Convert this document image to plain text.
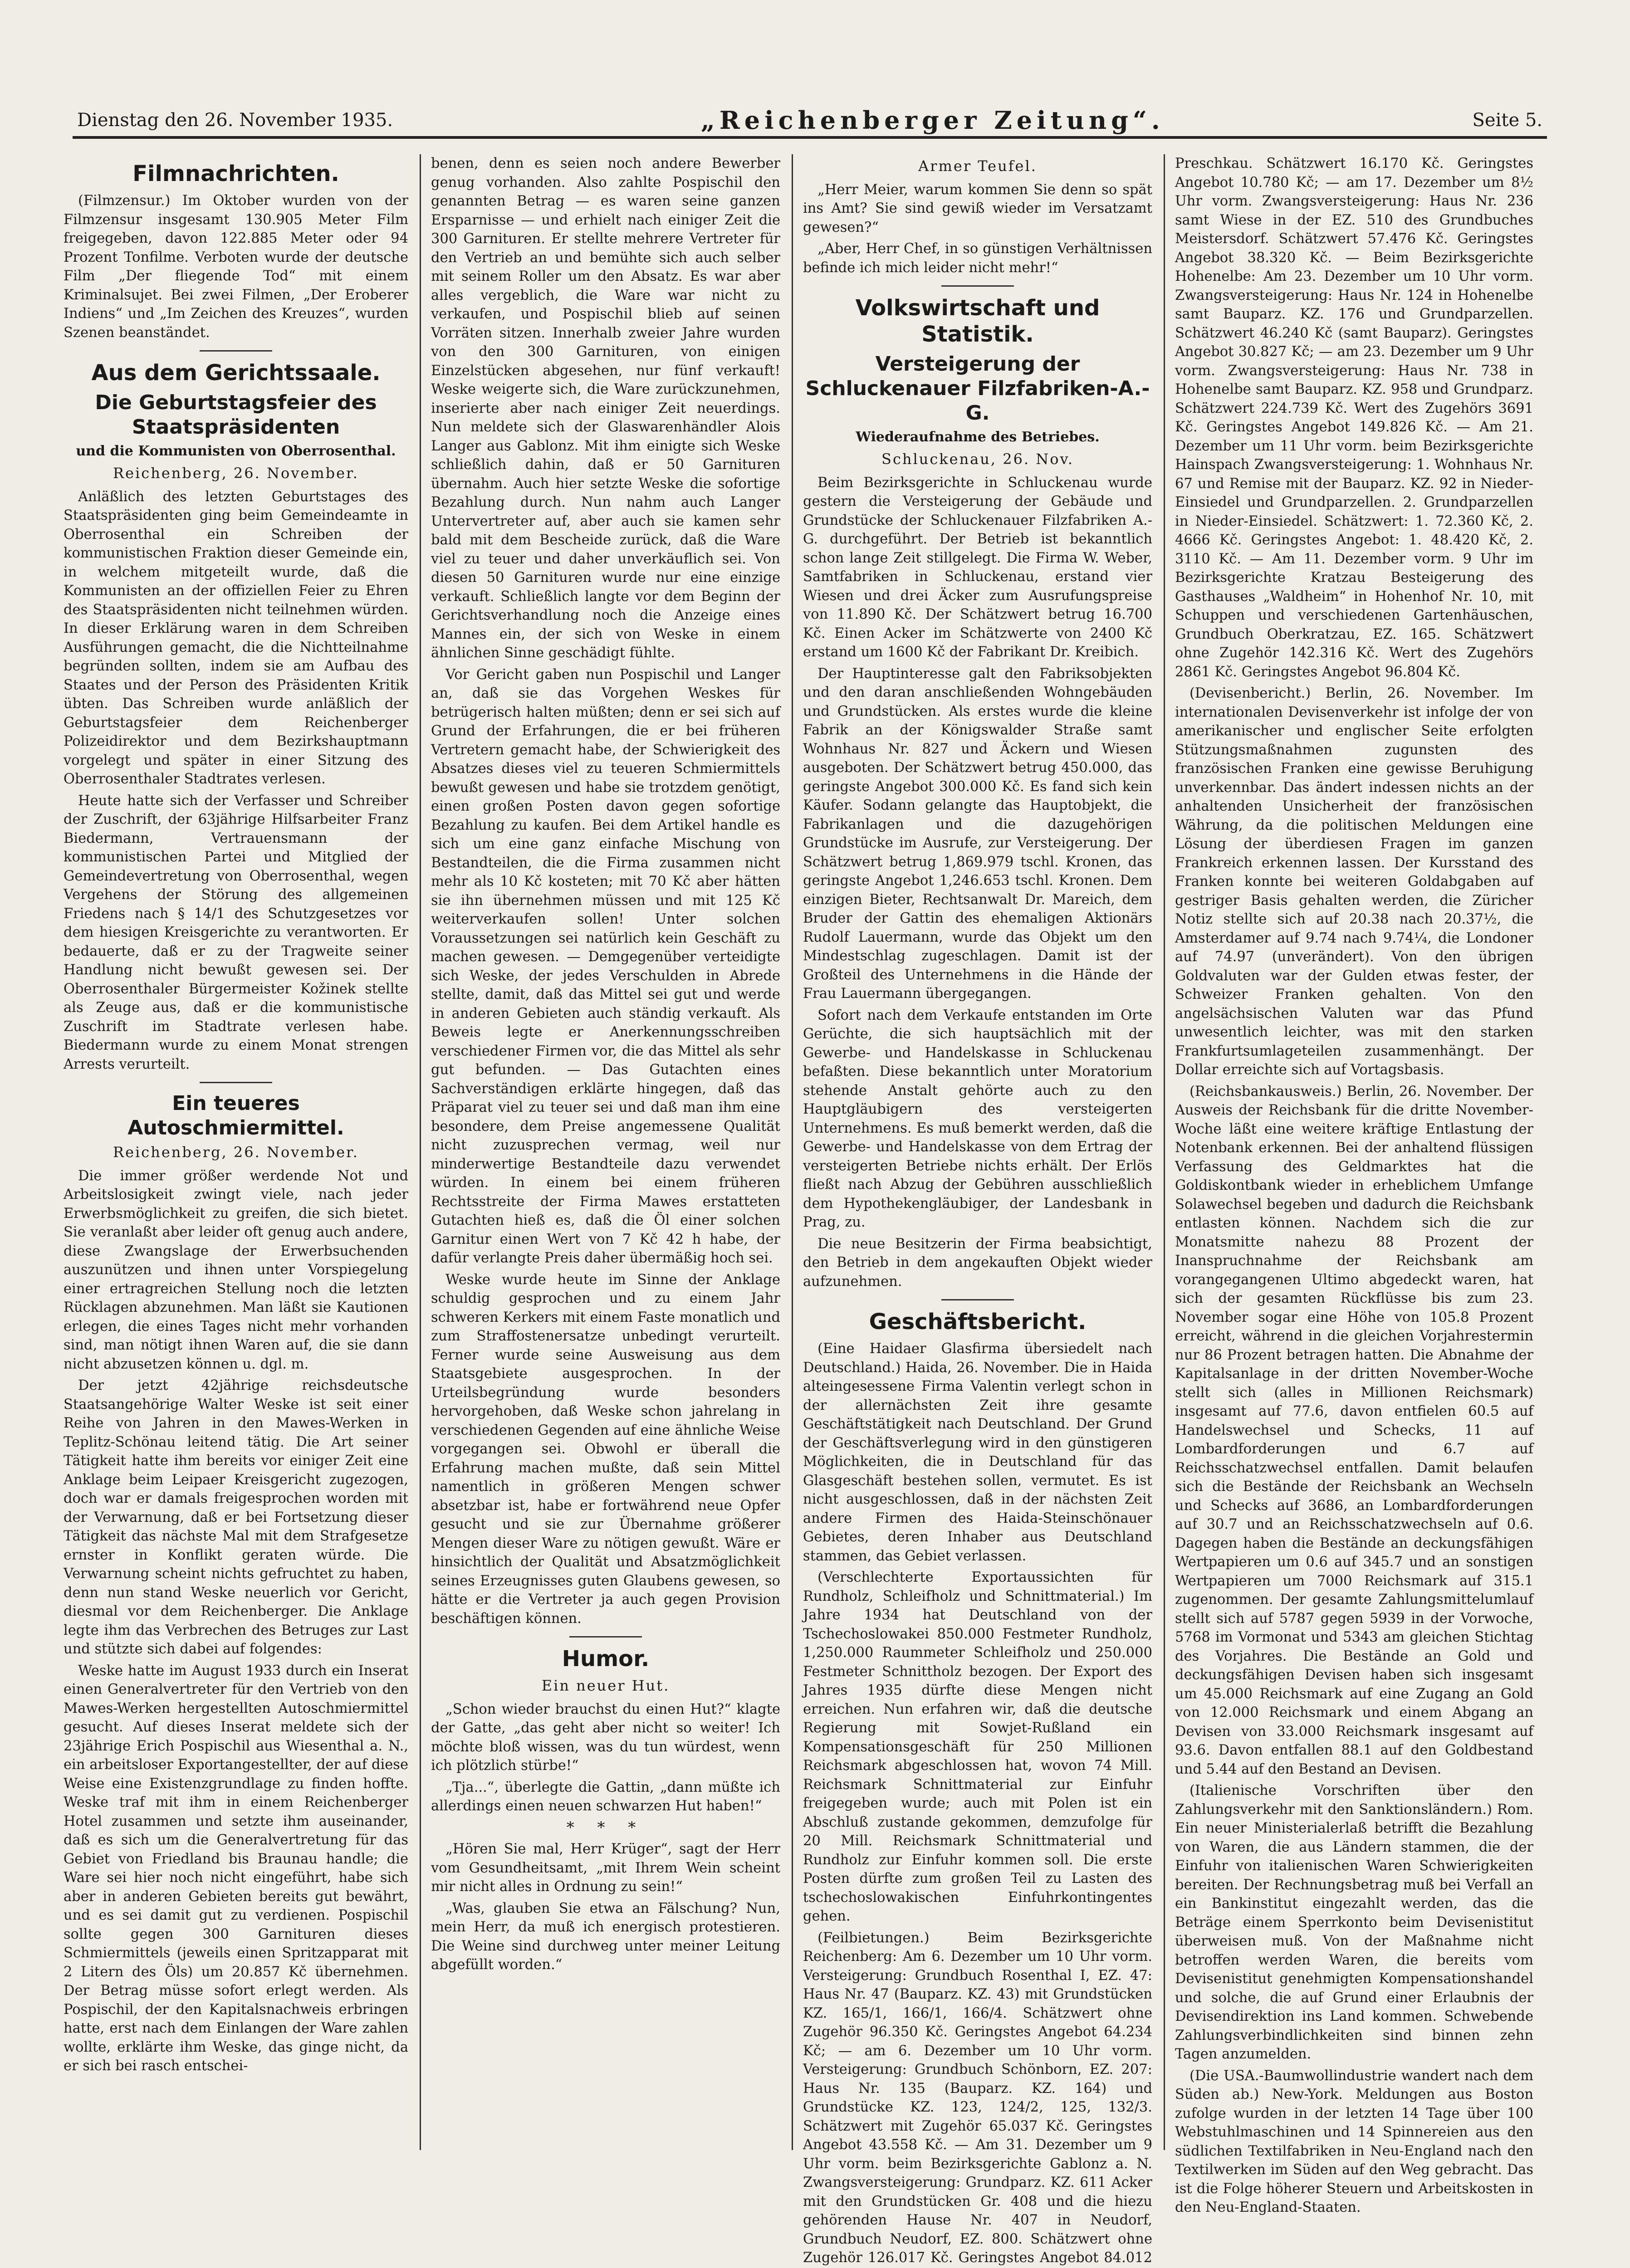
Dienstag den 26. November 1935.	„Reichenberger Zeitung“.	Seite 5.
Filmnachrichten.

(Filmzensur.) Im Oktober wurden von der Filmzensur insgesamt 130.905 Meter Film freigegeben, davon 122.885 Meter oder 94 Prozent Tonfilme. Verboten wurde der deutsche Film „Der fliegende Tod“ mit einem Kriminalsujet. Bei zwei Filmen, „Der Eroberer Indiens“ und „Im Zeichen des Kreuzes“, wurden Szenen beanständet.

Aus dem Gerichtssaale.
Die Geburtstagsfeier des Staatspräsidenten
und die Kommunisten von Oberrosenthal.
Reichenberg, 26. November.

Anläßlich des letzten Geburtstages des Staatspräsidenten ging beim Gemeindeamte in Oberrosenthal ein Schreiben der kommunistischen Fraktion dieser Gemeinde ein, in welchem mitgeteilt wurde, daß die Kommunisten an der offiziellen Feier zu Ehren des Staatspräsidenten nicht teilnehmen würden. In dieser Erklärung waren in dem Schreiben Ausführungen gemacht, die die Nichtteilnahme begründen sollten, indem sie am Aufbau des Staates und der Person des Präsidenten Kritik übten. Das Schreiben wurde anläßlich der Geburtstagsfeier dem Reichenberger Polizeidirektor und dem Bezirkshauptmann vorgelegt und später in einer Sitzung des Oberrosenthaler Stadtrates verlesen.

Heute hatte sich der Verfasser und Schreiber der Zuschrift, der 63jährige Hilfsarbeiter Franz Biedermann, Vertrauensmann der kommunistischen Partei und Mitglied der Gemeindevertretung von Oberrosenthal, wegen Vergehens der Störung des allgemeinen Friedens nach § 14/1 des Schutzgesetzes vor dem hiesigen Kreisgerichte zu verantworten. Er bedauerte, daß er zu der Tragweite seiner Handlung nicht bewußt gewesen sei. Der Oberrosenthaler Bürgermeister Kožinek stellte als Zeuge aus, daß er die kommunistische Zuschrift im Stadtrate verlesen habe. Biedermann wurde zu einem Monat strengen Arrests verurteilt.

Ein teueres Autoschmiermittel.
Reichenberg, 26. November.

Die immer größer werdende Not und Arbeitslosigkeit zwingt viele, nach jeder Erwerbsmöglichkeit zu greifen, die sich bietet. Sie veranlaßt aber leider oft genug auch andere, diese Zwangslage der Erwerbsuchenden auszunützen und ihnen unter Vorspiegelung einer ertragreichen Stellung noch die letzten Rücklagen abzunehmen. Man läßt sie Kautionen erlegen, die eines Tages nicht mehr vorhanden sind, man nötigt ihnen Waren auf, die sie dann nicht abzusetzen können u. dgl. m.

Der jetzt 42jährige reichsdeutsche Staatsangehörige Walter Weske ist seit einer Reihe von Jahren in den Mawes-Werken in Teplitz-Schönau leitend tätig. Die Art seiner Tätigkeit hatte ihm bereits vor einiger Zeit eine Anklage beim Leipaer Kreisgericht zugezogen, doch war er damals freigesprochen worden mit der Verwarnung, daß er bei Fortsetzung dieser Tätigkeit das nächste Mal mit dem Strafgesetze ernster in Konflikt geraten würde. Die Verwarnung scheint nichts gefruchtet zu haben, denn nun stand Weske neuerlich vor Gericht, diesmal vor dem Reichenberger. Die Anklage legte ihm das Verbrechen des Betruges zur Last und stützte sich dabei auf folgendes:

Weske hatte im August 1933 durch ein Inserat einen Generalvertreter für den Vertrieb von den Mawes-Werken hergestellten Autoschmiermittel gesucht. Auf dieses Inserat meldete sich der 23jährige Erich Pospischil aus Wiesenthal a. N., ein arbeitsloser Exportangestellter, der auf diese Weise eine Existenzgrundlage zu finden hoffte. Weske traf mit ihm in einem Reichenberger Hotel zusammen und setzte ihm auseinander, daß es sich um die Generalvertretung für das Gebiet von Friedland bis Braunau handle; die Ware sei hier noch nicht eingeführt, habe sich aber in anderen Gebieten bereits gut bewährt, und es sei damit gut zu verdienen. Pospischil sollte gegen 300 Garnituren dieses Schmiermittels (jeweils einen Spritzapparat mit 2 Litern des Öls) um 20.857 Kč übernehmen. Der Betrag müsse sofort erlegt werden. Als Pospischil, der den Kapitalsnachweis erbringen hatte, erst nach dem Einlangen der Ware zahlen wollte, erklärte ihm Weske, das ginge nicht, da er sich bei rasch entschei-

benen, denn es seien noch andere Bewerber genug vorhanden. Also zahlte Pospischil den genannten Betrag — es waren seine ganzen Ersparnisse — und erhielt nach einiger Zeit die 300 Garnituren. Er stellte mehrere Vertreter für den Vertrieb an und bemühte sich auch selber mit seinem Roller um den Absatz. Es war aber alles vergeblich, die Ware war nicht zu verkaufen, und Pospischil blieb auf seinen Vorräten sitzen. Innerhalb zweier Jahre wurden von den 300 Garnituren, von einigen Einzelstücken abgesehen, nur fünf verkauft! Weske weigerte sich, die Ware zurückzunehmen, inserierte aber nach einiger Zeit neuerdings. Nun meldete sich der Glaswarenhändler Alois Langer aus Gablonz. Mit ihm einigte sich Weske schließlich dahin, daß er 50 Garnituren übernahm. Auch hier setzte Weske die sofortige Bezahlung durch. Nun nahm auch Langer Untervertreter auf, aber auch sie kamen sehr bald mit dem Bescheide zurück, daß die Ware viel zu teuer und daher unverkäuflich sei. Von diesen 50 Garnituren wurde nur eine einzige verkauft. Schließlich langte vor dem Beginn der Gerichtsverhandlung noch die Anzeige eines Mannes ein, der sich von Weske in einem ähnlichen Sinne geschädigt fühlte.

Vor Gericht gaben nun Pospischil und Langer an, daß sie das Vorgehen Weskes für betrügerisch halten müßten; denn er sei sich auf Grund der Erfahrungen, die er bei früheren Vertretern gemacht habe, der Schwierigkeit des Absatzes dieses viel zu teueren Schmiermittels bewußt gewesen und habe sie trotzdem genötigt, einen großen Posten davon gegen sofortige Bezahlung zu kaufen. Bei dem Artikel handle es sich um eine ganz einfache Mischung von Bestandteilen, die die Firma zusammen nicht mehr als 10 Kč kosteten; mit 70 Kč aber hätten sie ihn übernehmen müssen und mit 125 Kč weiterverkaufen sollen! Unter solchen Voraussetzungen sei natürlich kein Geschäft zu machen gewesen. — Demgegenüber verteidigte sich Weske, der jedes Verschulden in Abrede stellte, damit, daß das Mittel sei gut und werde in anderen Gebieten auch ständig verkauft. Als Beweis legte er Anerkennungsschreiben verschiedener Firmen vor, die das Mittel als sehr gut befunden. — Das Gutachten eines Sachverständigen erklärte hingegen, daß das Präparat viel zu teuer sei und daß man ihm eine besondere, dem Preise angemessene Qualität nicht zuzusprechen vermag, weil nur minderwertige Bestandteile dazu verwendet würden. In einem bei einem früheren Rechtsstreite der Firma Mawes erstatteten Gutachten hieß es, daß die Öl einer solchen Garnitur einen Wert von 7 Kč 42 h habe, der dafür verlangte Preis daher übermäßig hoch sei.

Weske wurde heute im Sinne der Anklage schuldig gesprochen und zu einem Jahr schweren Kerkers mit einem Faste monatlich und zum Straffostenersatze unbedingt verurteilt. Ferner wurde seine Ausweisung aus dem Staatsgebiete ausgesprochen. In der Urteilsbegründung wurde besonders hervorgehoben, daß Weske schon jahrelang in verschiedenen Gegenden auf eine ähnliche Weise vorgegangen sei. Obwohl er überall die Erfahrung machen mußte, daß sein Mittel namentlich in größeren Mengen schwer absetzbar ist, habe er fortwährend neue Opfer gesucht und sie zur Übernahme größerer Mengen dieser Ware zu nötigen gewußt. Wäre er hinsichtlich der Qualität und Absatzmöglichkeit seines Erzeugnisses guten Glaubens gewesen, so hätte er die Vertreter ja auch gegen Provision beschäftigen können.

Humor.
Ein neuer Hut.

„Schon wieder brauchst du einen Hut?“ klagte der Gatte, „das geht aber nicht so weiter! Ich möchte bloß wissen, was du tun würdest, wenn ich plötzlich stürbe!“

„Tja...“, überlegte die Gattin, „dann müßte ich allerdings einen neuen schwarzen Hut haben!“

* * *

„Hören Sie mal, Herr Krüger“, sagt der Herr vom Gesundheitsamt, „mit Ihrem Wein scheint mir nicht alles in Ordnung zu sein!“

„Was, glauben Sie etwa an Fälschung? Nun, mein Herr, da muß ich energisch protestieren. Die Weine sind durchweg unter meiner Leitung abgefüllt worden.“

Armer Teufel.

„Herr Meier, warum kommen Sie denn so spät ins Amt? Sie sind gewiß wieder im Versatzamt gewesen?“

„Aber, Herr Chef, in so günstigen Verhältnissen befinde ich mich leider nicht mehr!“

Volkswirtschaft und Statistik.
Versteigerung der Schluckenauer Filzfabriken-A.-G.
Wiederaufnahme des Betriebes.
Schluckenau, 26. Nov.

Beim Bezirksgerichte in Schluckenau wurde gestern die Versteigerung der Gebäude und Grundstücke der Schluckenauer Filzfabriken A.-G. durchgeführt. Der Betrieb ist bekanntlich schon lange Zeit stillgelegt. Die Firma W. Weber, Samtfabriken in Schluckenau, erstand vier Wiesen und drei Äcker zum Ausrufungspreise von 11.890 Kč. Der Schätzwert betrug 16.700 Kč. Einen Acker im Schätzwerte von 2400 Kč erstand um 1600 Kč der Fabrikant Dr. Kreibich.

Der Hauptinteresse galt den Fabriksobjekten und den daran anschließenden Wohngebäuden und Grundstücken. Als erstes wurde die kleine Fabrik an der Königswalder Straße samt Wohnhaus Nr. 827 und Äckern und Wiesen ausgeboten. Der Schätzwert betrug 450.000, das geringste Angebot 300.000 Kč. Es fand sich kein Käufer. Sodann gelangte das Hauptobjekt, die Fabrikanlagen und die dazugehörigen Grundstücke im Ausrufe, zur Versteigerung. Der Schätzwert betrug 1,869.979 tschl. Kronen, das geringste Angebot 1,246.653 tschl. Kronen. Dem einzigen Bieter, Rechtsanwalt Dr. Mareich, dem Bruder der Gattin des ehemaligen Aktionärs Rudolf Lauermann, wurde das Objekt um den Mindestschlag zugeschlagen. Damit ist der Großteil des Unternehmens in die Hände der Frau Lauermann übergegangen.

Sofort nach dem Verkaufe entstanden im Orte Gerüchte, die sich hauptsächlich mit der Gewerbe- und Handelskasse in Schluckenau befaßten. Diese bekanntlich unter Moratorium stehende Anstalt gehörte auch zu den Hauptgläubigern des versteigerten Unternehmens. Es muß bemerkt werden, daß die Gewerbe- und Handelskasse von dem Ertrag der versteigerten Betriebe nichts erhält. Der Erlös fließt nach Abzug der Gebühren ausschließlich dem Hypothekengläubiger, der Landesbank in Prag, zu.

Die neue Besitzerin der Firma beabsichtigt, den Betrieb in dem angekauften Objekt wieder aufzunehmen.

Geschäftsbericht.

(Eine Haidaer Glasfirma übersiedelt nach Deutschland.) Haida, 26. November. Die in Haida alteingesessene Firma Valentin verlegt schon in der allernächsten Zeit ihre gesamte Geschäftstätigkeit nach Deutschland. Der Grund der Geschäftsverlegung wird in den günstigeren Möglichkeiten, die in Deutschland für das Glasgeschäft bestehen sollen, vermutet. Es ist nicht ausgeschlossen, daß in der nächsten Zeit andere Firmen des Haida-Steinschönauer Gebietes, deren Inhaber aus Deutschland stammen, das Gebiet verlassen.

(Verschlechterte Exportaussichten für Rundholz, Schleifholz und Schnittmaterial.) Im Jahre 1934 hat Deutschland von der Tschechoslowakei 850.000 Festmeter Rundholz, 1,250.000 Raummeter Schleifholz und 250.000 Festmeter Schnittholz bezogen. Der Export des Jahres 1935 dürfte diese Mengen nicht erreichen. Nun erfahren wir, daß die deutsche Regierung mit Sowjet-Rußland ein Kompensationsgeschäft für 250 Millionen Reichsmark abgeschlossen hat, wovon 74 Mill. Reichsmark Schnittmaterial zur Einfuhr freigegeben wurde; auch mit Polen ist ein Abschluß zustande gekommen, demzufolge für 20 Mill. Reichsmark Schnittmaterial und Rundholz zur Einfuhr kommen soll. Die erste Posten dürfte zum großen Teil zu Lasten des tschechoslowakischen Einfuhrkontingentes gehen.

(Feilbietungen.) Beim Bezirksgerichte Reichenberg: Am 6. Dezember um 10 Uhr vorm. Versteigerung: Grundbuch Rosenthal I, EZ. 47: Haus Nr. 47 (Bauparz. KZ. 43) mit Grundstücken KZ. 165/1, 166/1, 166/4. Schätzwert ohne Zugehör 96.350 Kč. Geringstes Angebot 64.234 Kč; — am 6. Dezember um 10 Uhr vorm. Versteigerung: Grundbuch Schönborn, EZ. 207: Haus Nr. 135 (Bauparz. KZ. 164) und Grundstücke KZ. 123, 124/2, 125, 132/3. Schätzwert mit Zugehör 65.037 Kč. Geringstes Angebot 43.558 Kč. — Am 31. Dezember um 9 Uhr vorm. beim Bezirksgerichte Gablonz a. N. Zwangsversteigerung: Grundparz. KZ. 611 Acker mit den Grundstücken Gr. 408 und die hiezu gehörenden Hause Nr. 407 in Neudorf, Grundbuch Neudorf, EZ. 800. Schätzwert ohne Zugehör 126.017 Kč. Geringstes Angebot 84.012

Preschkau. Schätzwert 16.170 Kč. Geringstes Angebot 10.780 Kč; — am 17. Dezember um 8½ Uhr vorm. Zwangsversteigerung: Haus Nr. 236 samt Wiese in der EZ. 510 des Grundbuches Meistersdorf. Schätzwert 57.476 Kč. Geringstes Angebot 38.320 Kč. — Beim Bezirksgerichte Hohenelbe: Am 23. Dezember um 10 Uhr vorm. Zwangsversteigerung: Haus Nr. 124 in Hohenelbe samt Bauparz. KZ. 176 und Grundparzellen. Schätzwert 46.240 Kč (samt Bauparz). Geringstes Angebot 30.827 Kč; — am 23. Dezember um 9 Uhr vorm. Zwangsversteigerung: Haus Nr. 738 in Hohenelbe samt Bauparz. KZ. 958 und Grundparz. Schätzwert 224.739 Kč. Wert des Zugehörs 3691 Kč. Geringstes Angebot 149.826 Kč. — Am 21. Dezember um 11 Uhr vorm. beim Bezirksgerichte Hainspach Zwangsversteigerung: 1. Wohnhaus Nr. 67 und Remise mit der Bauparz. KZ. 92 in Nieder-Einsiedel und Grundparzellen. 2. Grundparzellen in Nieder-Einsiedel. Schätzwert: 1. 72.360 Kč, 2. 4666 Kč. Geringstes Angebot: 1. 48.420 Kč, 2. 3110 Kč. — Am 11. Dezember vorm. 9 Uhr im Bezirksgerichte Kratzau Besteigerung des Gasthauses „Waldheim“ in Hohenhof Nr. 10, mit Schuppen und verschiedenen Gartenhäuschen, Grundbuch Oberkratzau, EZ. 165. Schätzwert ohne Zugehör 142.316 Kč. Wert des Zugehörs 2861 Kč. Geringstes Angebot 96.804 Kč.

(Devisenbericht.) Berlin, 26. November. Im internationalen Devisenverkehr ist infolge der von amerikanischer und englischer Seite erfolgten Stützungsmaßnahmen zugunsten des französischen Franken eine gewisse Beruhigung unverkennbar. Das ändert indessen nichts an der anhaltenden Unsicherheit der französischen Währung, da die politischen Meldungen eine Lösung der überdiesen Fragen im ganzen Frankreich erkennen lassen. Der Kursstand des Franken konnte bei weiteren Goldabgaben auf gestriger Basis gehalten werden, die Züricher Notiz stellte sich auf 20.38 nach 20.37½, die Amsterdamer auf 9.74 nach 9.74¼, die Londoner auf 74.97 (unverändert). Von den übrigen Goldvaluten war der Gulden etwas fester, der Schweizer Franken gehalten. Von den angelsächsischen Valuten war das Pfund unwesentlich leichter, was mit den starken Frankfurtsumlageteilen zusammenhängt. Der Dollar erreichte sich auf Vortagsbasis.

(Reichsbankausweis.) Berlin, 26. November. Der Ausweis der Reichsbank für die dritte November-Woche läßt eine weitere kräftige Entlastung der Notenbank erkennen. Bei der anhaltend flüssigen Verfassung des Geldmarktes hat die Goldiskontbank wieder in erheblichem Umfange Solawechsel begeben und dadurch die Reichsbank entlasten können. Nachdem sich die zur Monatsmitte nahezu 88 Prozent der Inanspruchnahme der Reichsbank am vorangegangenen Ultimo abgedeckt waren, hat sich der gesamten Rückflüsse bis zum 23. November sogar eine Höhe von 105.8 Prozent erreicht, während in die gleichen Vorjahrestermin nur 86 Prozent betragen hatten. Die Abnahme der Kapitalsanlage in der dritten November-Woche stellt sich (alles in Millionen Reichsmark) insgesamt auf 77.6, davon entfielen 60.5 auf Handelswechsel und Schecks, 11 auf Lombardforderungen und 6.7 auf Reichsschatzwechsel entfallen. Damit belaufen sich die Bestände der Reichsbank an Wechseln und Schecks auf 3686, an Lombardforderungen auf 30.7 und an Reichsschatzwechseln auf 0.6. Dagegen haben die Bestände an deckungsfähigen Wertpapieren um 0.6 auf 345.7 und an sonstigen Wertpapieren um 7000 Reichsmark auf 315.1 zugenommen. Der gesamte Zahlungsmittelumlauf stellt sich auf 5787 gegen 5939 in der Vorwoche, 5768 im Vormonat und 5343 am gleichen Stichtag des Vorjahres. Die Bestände an Gold und deckungsfähigen Devisen haben sich insgesamt um 45.000 Reichsmark auf eine Zugang an Gold von 12.000 Reichsmark und einem Abgang an Devisen von 33.000 Reichsmark insgesamt auf 93.6. Davon entfallen 88.1 auf den Goldbestand und 5.44 auf den Bestand an Devisen.

(Italienische Vorschriften über den Zahlungsverkehr mit den Sanktionsländern.) Rom. Ein neuer Ministerialerlaß betrifft die Bezahlung von Waren, die aus Ländern stammen, die der Einfuhr von italienischen Waren Schwierigkeiten bereiten. Der Rechnungsbetrag muß bei Verfall an ein Bankinstitut eingezahlt werden, das die Beträge einem Sperrkonto beim Devisenistitut überweisen muß. Von der Maßnahme nicht betroffen werden Waren, die bereits vom Devisenistitut genehmigten Kompensationshandel und solche, die auf Grund einer Erlaubnis der Devisendirektion ins Land kommen. Schwebende Zahlungsverbindlichkeiten sind binnen zehn Tagen anzumelden.

(Die USA.-Baumwollindustrie wandert nach dem Süden ab.) New-York. Meldungen aus Boston zufolge wurden in der letzten 14 Tage über 100 Webstuhlmaschinen und 14 Spinnereien aus den südlichen Textilfabriken in Neu-England nach den Textilwerken im Süden auf den Weg gebracht. Das ist die Folge höherer Steuern und Arbeitskosten in den Neu-England-Staaten.
